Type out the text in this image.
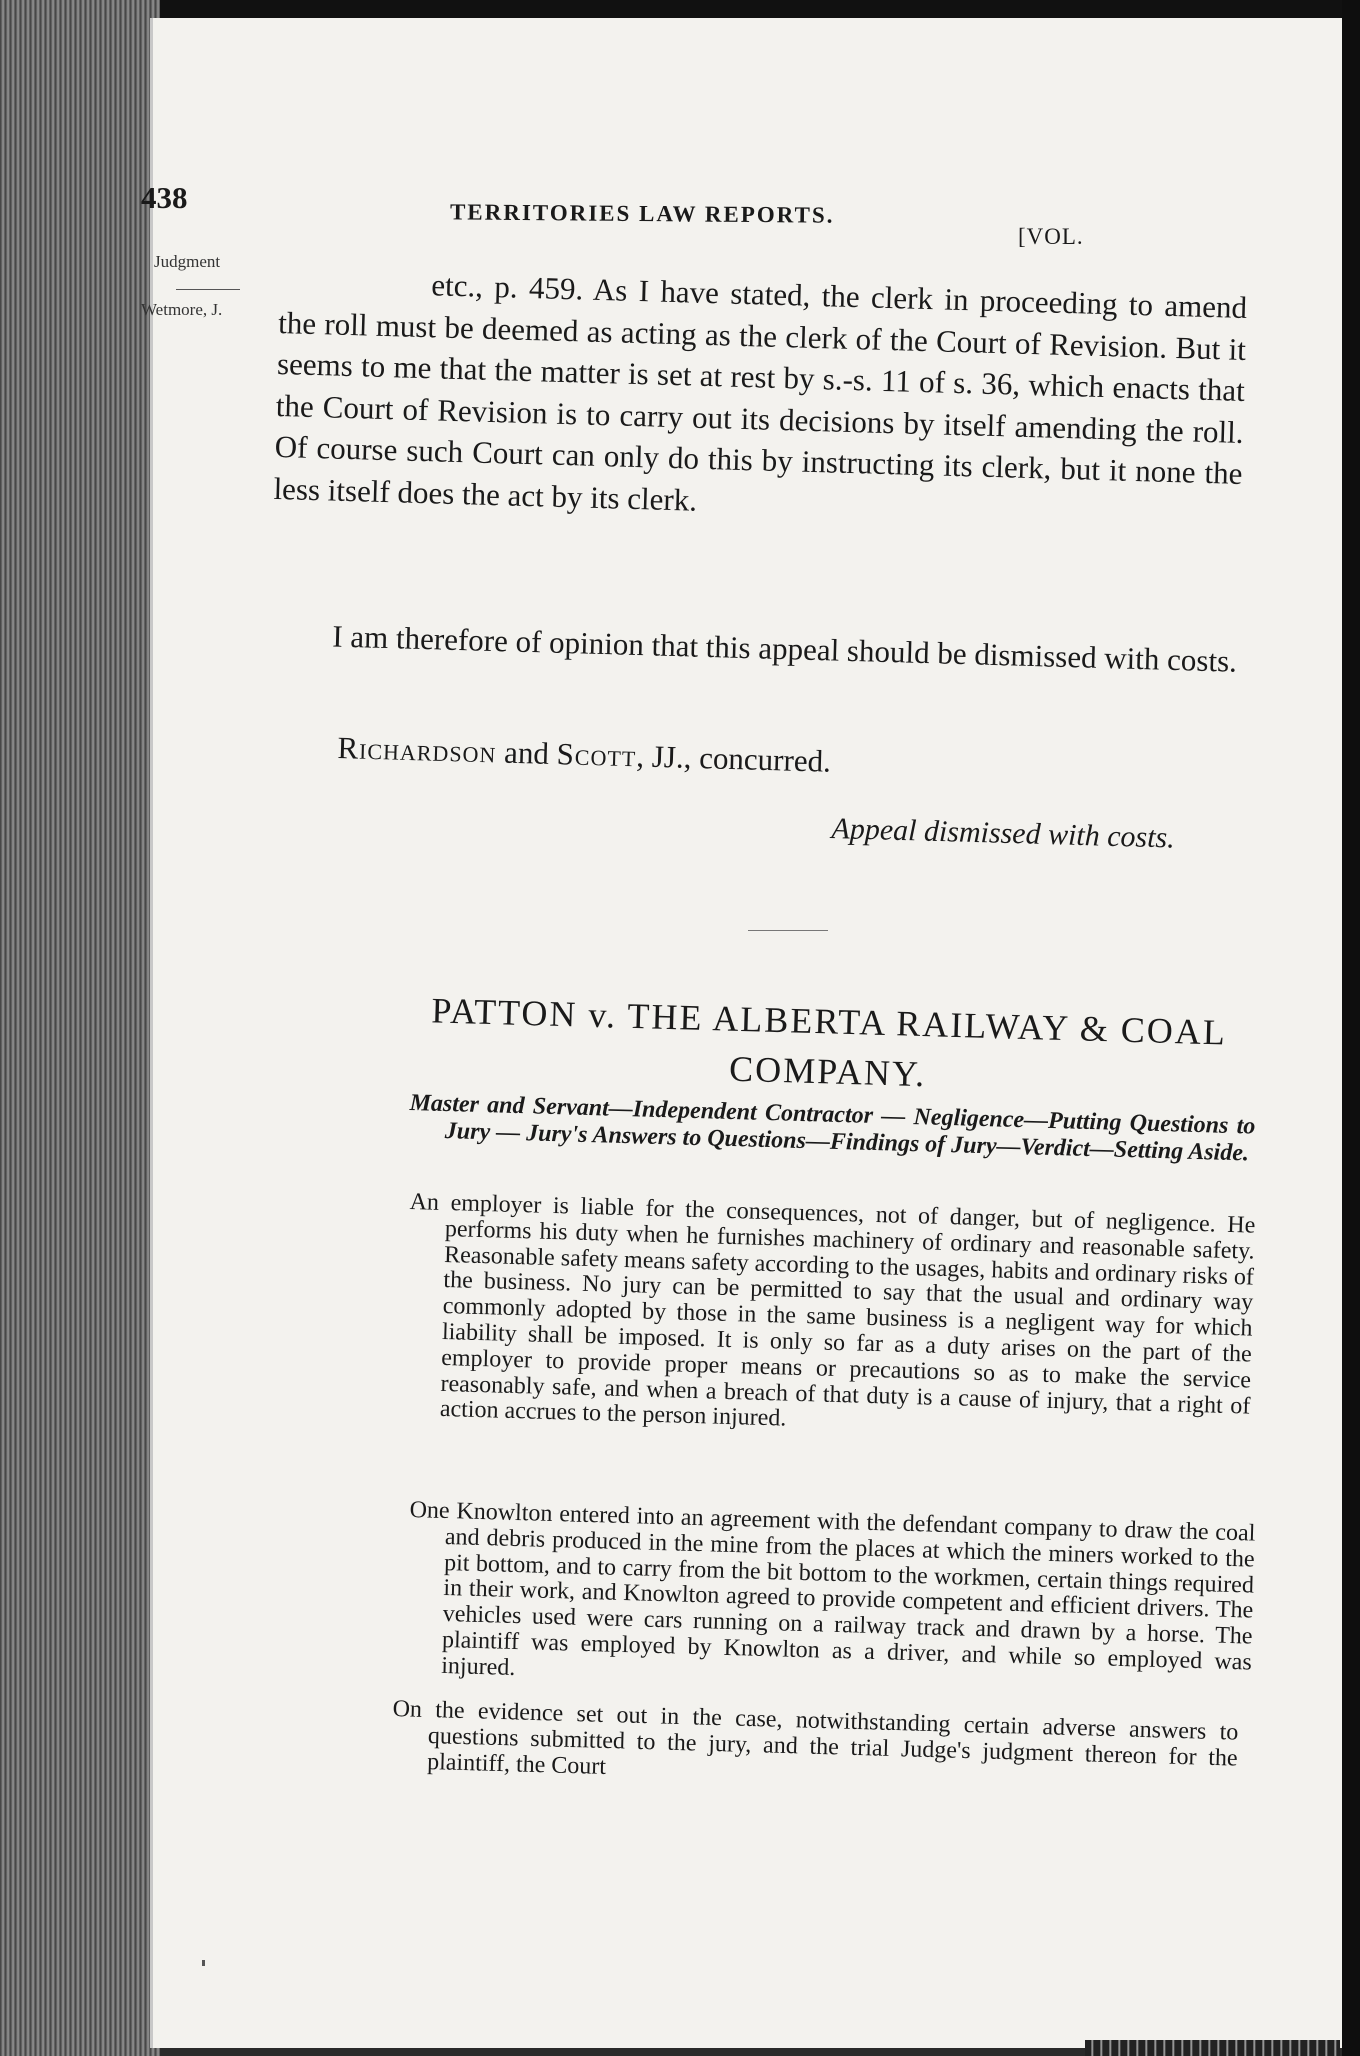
438	TERRITORIES LAW REPORTS.
[VOL.
Judgment
Wetmore, J.	etc., p. 459. As I have stated, the clerk in proceeding to amend the roll must be deemed as acting as the clerk of the Court of Revision. But it seems to me that the matter is set at rest by s.-s. 11 of s. 36, which enacts that the Court of Revision is to carry out its decisions by itself amending the roll. Of course such Court can only do this by instructing its clerk, but it none the less itself does the act by its clerk.
I am therefore of opinion that this appeal should be dismissed with costs.
Richardson and Scott, JJ., concurred.
Appeal dismissed with costs.
PATTON v. THE ALBERTA RAILWAY & COAL COMPANY.
Master and Servant—Independent Contractor — Negligence—Putting Questions to Jury — Jury's Answers to Questions—Findings of Jury—Verdict—Setting Aside.
An employer is liable for the consequences, not of danger, but of negligence. He performs his duty when he furnishes machinery of ordinary and reasonable safety. Reasonable safety means safety according to the usages, habits and ordinary risks of the business. No jury can be permitted to say that the usual and ordinary way commonly adopted by those in the same business is a negligent way for which liability shall be imposed. It is only so far as a duty arises on the part of the employer to provide proper means or precautions so as to make the service reasonably safe, and when a breach of that duty is a cause of injury, that a right of action accrues to the person injured.
One Knowlton entered into an agreement with the defendant company to draw the coal and debris produced in the mine from the places at which the miners worked to the pit bottom, and to carry from the bit bottom to the workmen, certain things required in their work, and Knowlton agreed to provide competent and efficient drivers. The vehicles used were cars running on a railway track and drawn by a horse. The plaintiff was employed by Knowlton as a driver, and while so employed was injured.
On the evidence set out in the case, notwithstanding certain adverse answers to questions submitted to the jury, and the trial Judge's judgment thereon for the plaintiff, the Court
